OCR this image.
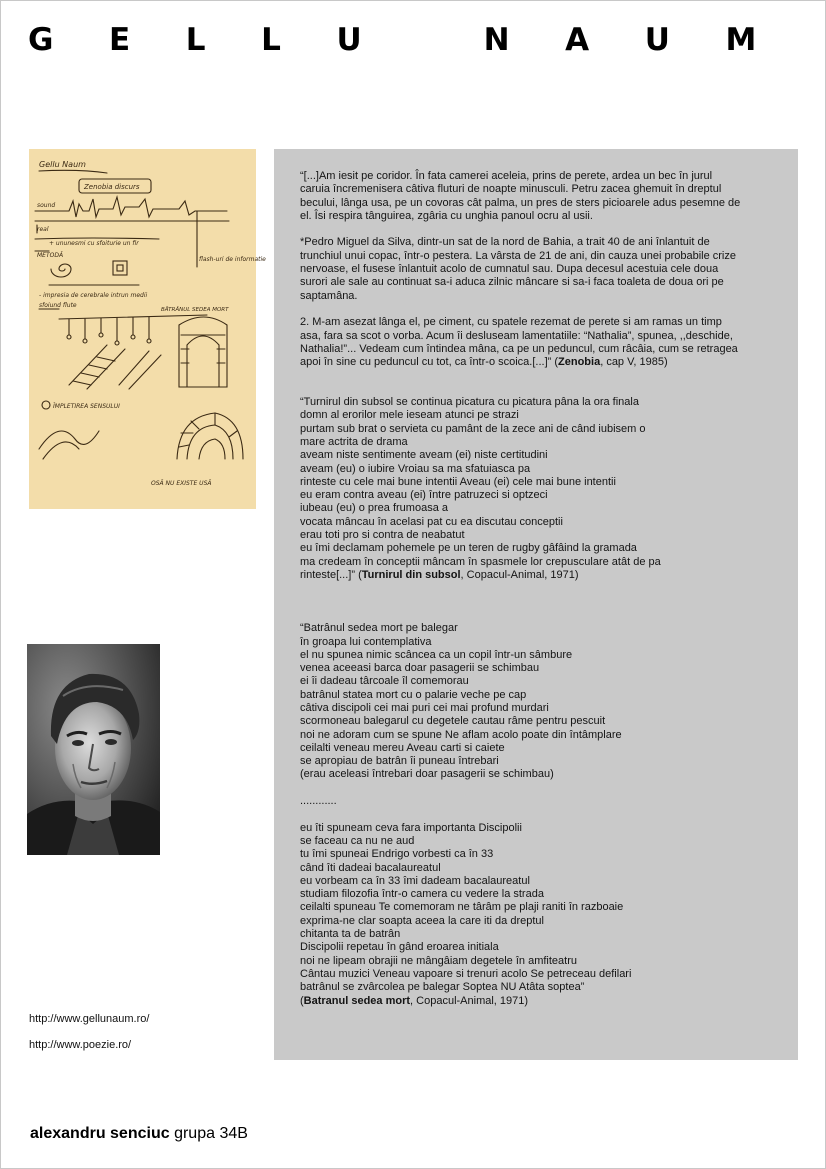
G E L L U   N A U M
Gellu Naum
Zenobia discurs
sound
real
+ ununesmi cu sfoiturie un fir
flash-uri de informatie
METODĂ
- impresia de cerebrale intrun medii
sfoiund flute
BĂTRÂNUL SEDEA MORT
ÎMPLETIREA SENSULUI
OSĂ NU EXISTE USĂ
http://www.gellunaum.ro/
http://www.poezie.ro/

“[...]Am iesit pe coridor. În fata camerei aceleia, prins de perete, ardea un bec în jurul
caruia încremenisera câtiva fluturi de noapte minusculi. Petru zacea ghemuit în dreptul
becului, lânga usa, pe un covoras cât palma, un pres de sters picioarele adus pesemne de
el. Îsi respira tânguirea, zgâria cu unghia panoul ocru al usii.

*Pedro Miguel da Silva, dintr-un sat de la nord de Bahia, a trait 40 de ani înlantuit de
trunchiul unui copac, într-o pestera. La vârsta de 21 de ani, din cauza unei probabile crize
nervoase, el fusese înlantuit acolo de cumnatul sau. Dupa decesul acestuia cele doua
surori ale sale au continuat sa-i aduca zilnic mâncare si sa-i faca toaleta de doua ori pe
saptamâna.

2. M-am asezat lânga el, pe ciment, cu spatele rezemat de perete si am ramas un timp
asa, fara sa scot o vorba. Acum îi desluseam lamentatiile: “Nathalia”, spunea, ,,deschide,
Nathalia!”... Vedeam cum întindea mâna, ca pe un peduncul, cum râcâia, cum se retragea
apoi în sine cu peduncul cu tot, ca într-o scoica.[...]” (Zenobia, cap V, 1985)

“Turnirul din subsol se continua picatura cu picatura pâna la ora finala
domn al erorilor mele ieseam atunci pe strazi
purtam sub brat o servieta cu pamânt de la zece ani de când iubisem o
mare actrita de drama
aveam niste sentimente aveam (ei) niste certitudini
aveam (eu) o iubire Vroiau sa ma sfatuiasca pa
rinteste cu cele mai bune intentii Aveau (ei) cele mai bune intentii
eu eram contra aveau (ei) între patruzeci si optzeci
iubeau (eu) o prea frumoasa a
vocata mâncau în acelasi pat cu ea discutau conceptii
erau toti pro si contra de neabatut
eu îmi declamam pohemele pe un teren de rugby gâfâind la gramada
ma credeam în conceptii mâncam în spasmele lor crepusculare atât de pa
rinteste[...]” (Turnirul din subsol, Copacul-Animal, 1971)

“Batrânul sedea mort pe balegar
în groapa lui contemplativa
el nu spunea nimic scâncea ca un copil într-un sâmbure
venea aceeasi barca doar pasagerii se schimbau
ei îi dadeau târcoale îl comemorau
batrânul statea mort cu o palarie veche pe cap
câtiva discipoli cei mai puri cei mai profund murdari
scormoneau balegarul cu degetele cautau râme pentru pescuit
noi ne adoram cum se spune Ne aflam acolo poate din întâmplare
ceilalti veneau mereu Aveau carti si caiete
se apropiau de batrân îi puneau întrebari
(erau aceleasi întrebari doar pasagerii se schimbau)

............

eu îti spuneam ceva fara importanta Discipolii
se faceau ca nu ne aud
tu îmi spuneai Endrigo vorbesti ca în 33
când îti dadeai bacalaureatul
eu vorbeam ca în 33 îmi dadeam bacalaureatul
studiam filozofia într-o camera cu vedere la strada
ceilalti spuneau Te comemoram ne târâm pe plaji raniti în razboaie
exprima-ne clar soapta aceea la care iti da dreptul
chitanta ta de batrân
Discipolii repetau în gând eroarea initiala
noi ne lipeam obrajii ne mângâiam degetele în amfiteatru
Cântau muzici Veneau vapoare si trenuri acolo Se petreceau defilari
batrânul se zvârcolea pe balegar Soptea NU Atâta soptea”
(Batranul sedea mort, Copacul-Animal, 1971)

alexandru senciuc grupa 34B
